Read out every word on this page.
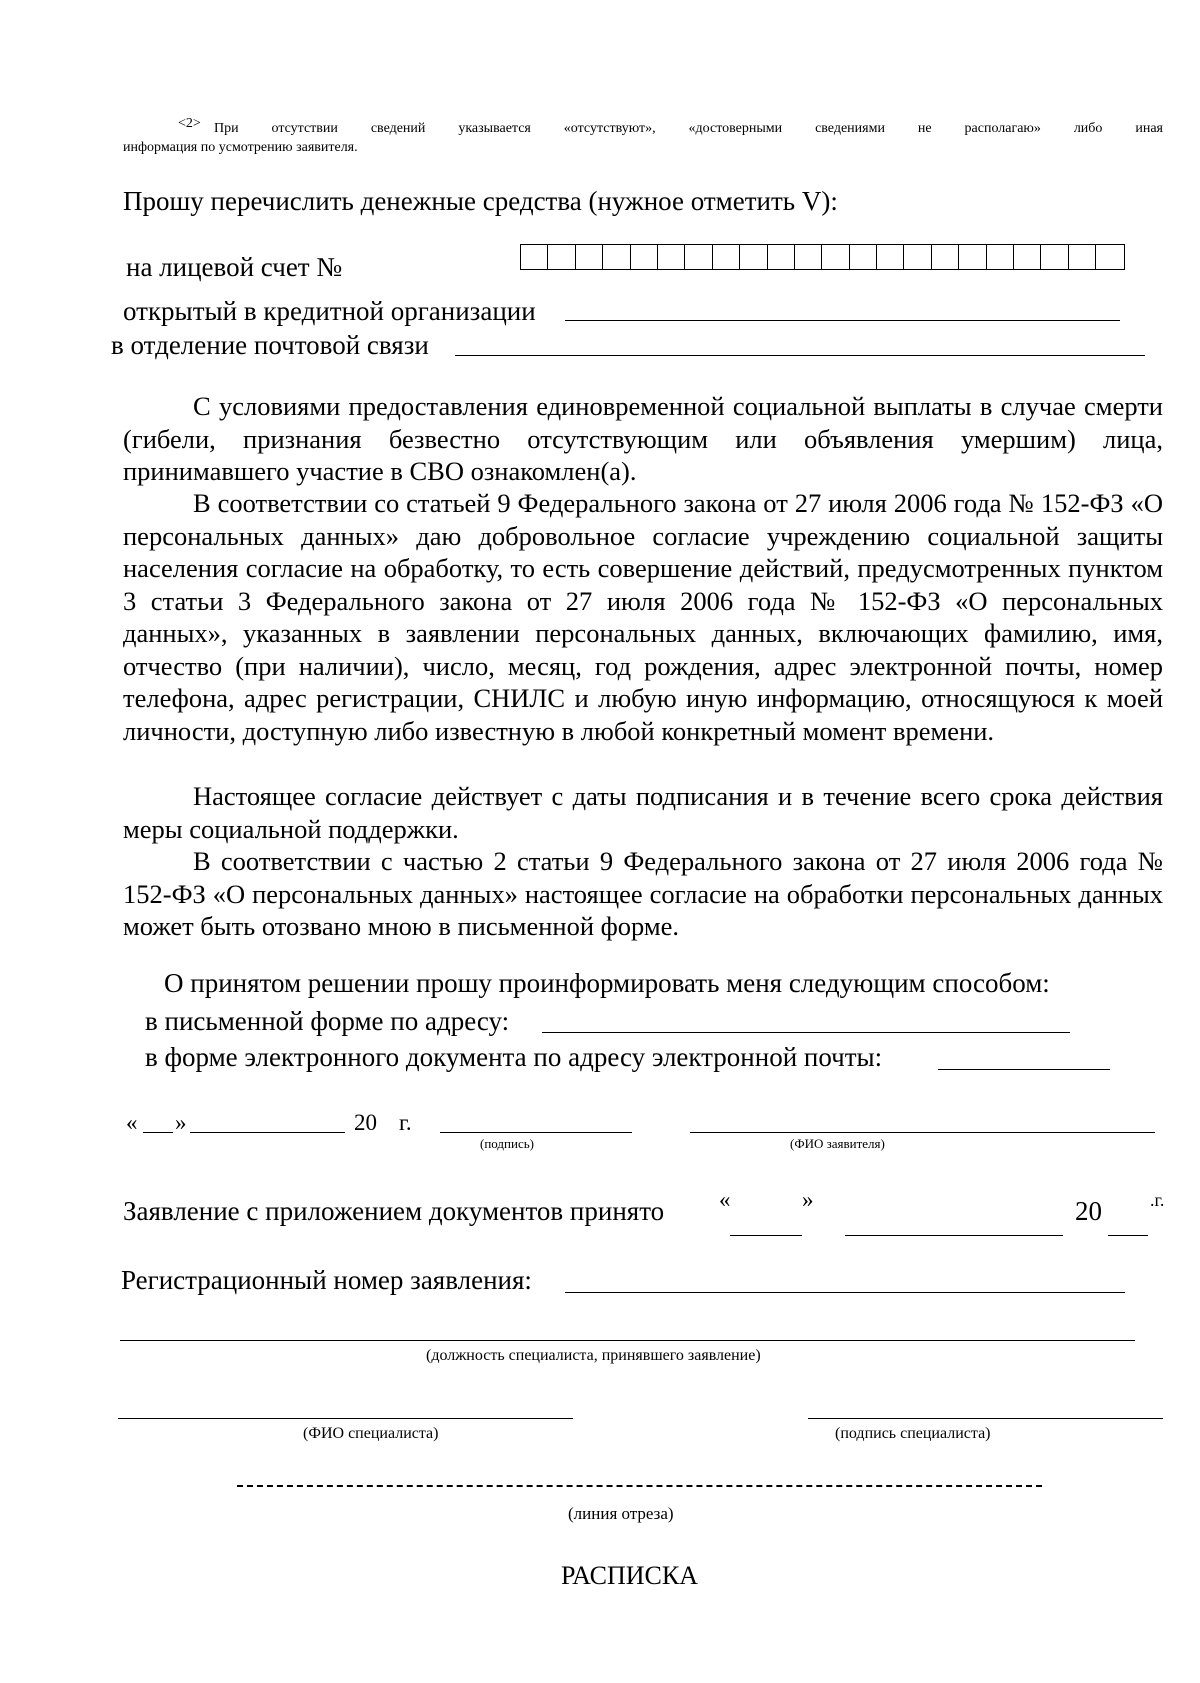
<2> При отсутствии сведений указывается «отсутствуют», «достоверными сведениями не располагаю» либо иная
информация по усмотрению заявителя.
Прошу перечислить денежные средства (нужное отметить V):
на лицевой счет №
открытый в кредитной организации
в отделение почтовой связи

С условиями предоставления единовременной социальной выплаты в случае смерти (гибели, признания безвестно отсутствующим или объявления умершим) лица, принимавшего участие в СВО ознакомлен(а).

В соответствии со статьей 9 Федерального закона от 27 июля 2006 года № 152-ФЗ «О персональных данных» даю добровольное согласие учреждению социальной защиты населения согласие на обработку, то есть совершение действий, предусмотренных пунктом 3 статьи 3 Федерального закона от 27 июля 2006 года № 152-ФЗ «О персональных данных», указанных в заявлении персональных данных, включающих фамилию, имя, отчество (при наличии), число, месяц, год рождения, адрес электронной почты, номер телефона, адрес регистрации, СНИЛС и любую иную информацию, относящуюся к моей личности, доступную либо известную в любой конкретный момент времени.

Настоящее согласие действует с даты подписания и в течение всего срока действия меры социальной поддержки.

В соответствии с частью 2 статьи 9 Федерального закона от 27 июля 2006 года № 152-ФЗ «О персональных данных» настоящее согласие на обработки персональных данных может быть отозвано мною в письменной форме.

О принятом решении прошу проинформировать меня следующим способом:
в письменной форме по адресу:
в форме электронного документа по адресу электронной почты:
« »	20 г.
(подпись)	(ФИО заявителя)
Заявление с приложением документов принято «	»	20	.г.
Регистрационный номер заявления:
(должность специалиста, принявшего заявление)
(ФИО специалиста)	(подпись специалиста)
(линия отреза)
РАСПИСКА
